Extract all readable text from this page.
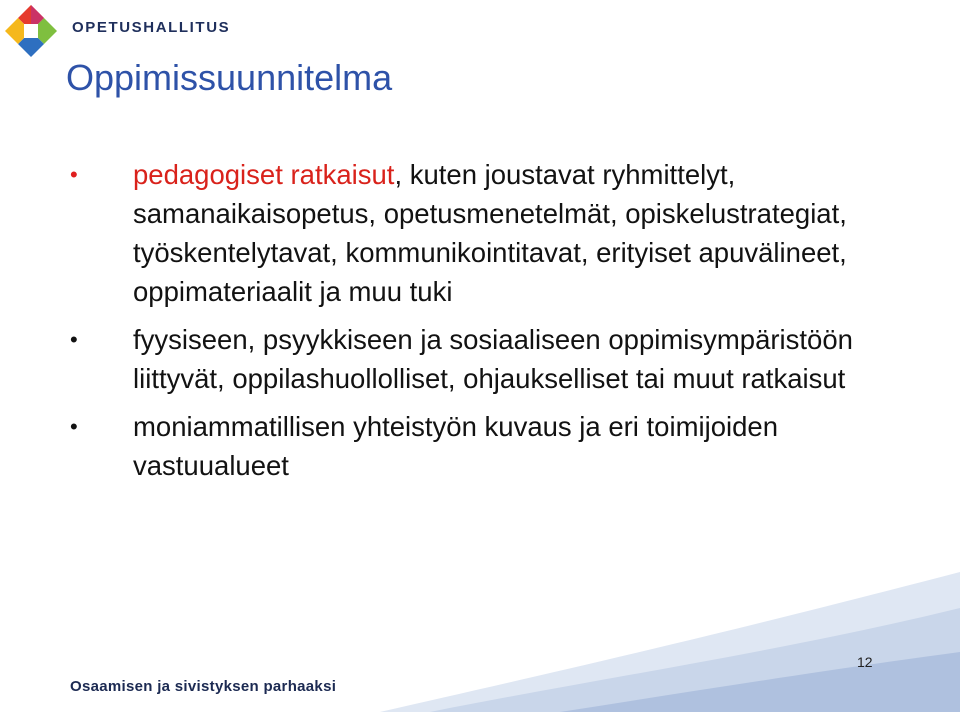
OPETUSHALLITUS
Oppimissuunnitelma
•	pedagogiset ratkaisut, kuten joustavat ryhmittelyt, samanaikaisopetus, opetusmenetelmät, opiskelustrategiat, työskentelytavat, kommunikointitavat, erityiset apuvälineet, oppimateriaalit ja muu tuki
•	fyysiseen, psyykkiseen ja sosiaaliseen oppimisympäristöön liittyvät, oppilashuollolliset, ohjaukselliset tai muut ratkaisut
•	moniammatillisen yhteistyön kuvaus ja eri toimijoiden vastuualueet
Osaamisen ja sivistyksen parhaaksi
12
